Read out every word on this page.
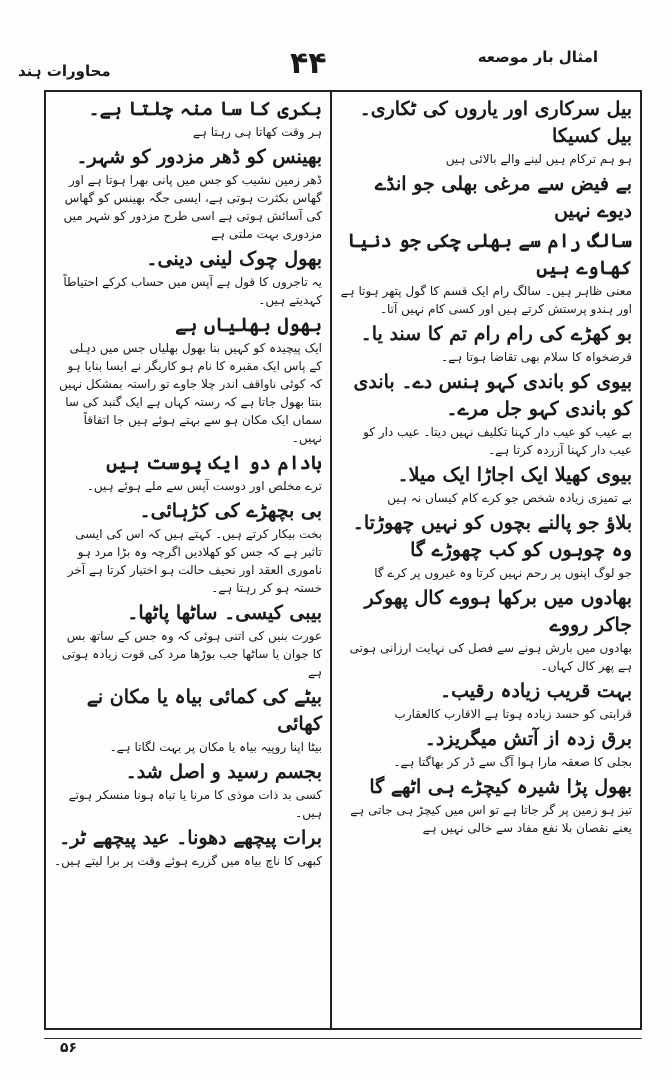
امثال بار موصعه
۴۴
محاورات ہند
بیل سرکاری اور یاروں کی ٹکاری۔ بیل کسیکا
ہو ہم ترکام ہیں لینے والے بالائی ہیں
بے فیض سے مرغی بھلی جو انڈے دیوے نہیں
سالگ رام سے بھلی چکی جو دنیا کھاوے ہیں
معنی ظاہر ہیں۔ سالگ رام ایک قسم کا گول پتھر ہوتا ہے اور ہندو پرستش کرتے ہیں اور کسی کام نہیں آتا۔
بو کھڑے کی رام رام تم کا سند یا۔
قرضخواہ کا سلام بھی تقاضا ہوتا ہے۔
بیوی کو باندی کہو ہنس دے۔ باندی کو باندی کہو جل مرے۔
بے عیب کو عیب دار کہنا تکلیف نہیں دیتا۔ عیب دار کو عیب دار کہنا آزردہ کرتا ہے۔
بیوی کھیلا ایک اجاڑا ایک میلا۔
بے تمیزی زیادہ شخص جو کرے کام کیساں نہ ہیں
بلاؤ جو پالنے بچوں کو نہیں چھوڑتا۔ وہ چوہوں کو کب چھوڑے گا
جو لوگ اپنوں پر رحم نہیں کرتا وہ غیروں پر کرے گا
بھادوں میں برکھا ہووے کال پھوکر جاکر رووے
بھادوں میں بارش ہونے سے فصل کی نہایت ارزانی ہوتی ہے پھر کال کہاں۔
بہت قریب زیادہ رقیب۔
قرابتی کو حسد زیادہ ہوتا ہے الاقارب کالعقارب
برق زدہ از آتش میگریزد۔
بجلی کا صعقہ مارا ہوا آگ سے ڈر کر بھاگتا ہے۔
بھول پڑا شیرہ کیچڑے ہی اٹھے گا
تیز ہو زمین پر گر جاتا ہے تو اس میں کیچڑ ہی جاتی ہے یعنے نقصان بلا نفع مفاد سے خالی نہیں ہے
بکری کا سا منہ چلتا ہے۔
ہر وقت کھاتا ہی رہتا ہے
بھینس کو ڈھر مزدور کو شہر۔
ڈھر زمین نشیب کو جس میں پانی بھرا ہوتا ہے اور گھاس بکثرت ہوتی ہے، ایسی جگہ بھینس کو گھاس کی آسائش ہوتی ہے اسی طرح مزدور کو شہر میں مزدوری بہت ملتی ہے
بھول چوک لینی دینی۔
یہ تاجروں کا قول ہے آپس میں حساب کرکے احتیاطاً کہدیتے ہیں۔
بھول بھلیاں ہے
ایک پیچیدہ کو کہیں بنا بھول بھلیاں جس میں دہلی کے پاس ایک مقبرہ کا نام ہو کاریگر نے ایسا بنایا ہو کہ کوئی ناواقف اندر چلا جاوے تو راستہ بمشکل نہیں بنتا بھول جاتا ہے کہ رستہ کہاں ہے ایک گنبد کی سا سماں ایک مکان ہو سے بہتے ہوئے ہیں جا اتفاقاً نہیں۔
بادام دو ایک پوست ہیں
ترے مخلص اور دوست آپس سے ملے ہوئے ہیں۔
بی بچھڑے کی کڑہائی۔
بخت بیکار کرتے ہیں۔ کہتے ہیں کہ اس کی ایسی تاثیر ہے کہ جس کو کھلادیں اگرچہ وہ بڑا مرد ہو ناموری العقد اور نحیف حالت ہو اختیار کرتا ہے آخر خستہ ہو کر رہتا ہے۔
بیبی کیسی۔ ساٹھا پاٹھا۔
عورت بنیں کی اتنی ہوئی کہ وہ جس کے ساتھ بس کا جوان یا ساٹھا جب بوڑھا مرد کی قوت زیادہ ہوتی ہے
بیٹے کی کمائی بیاہ یا مکان نے کھائی
بیٹا اپنا روپیہ بیاہ یا مکان پر بہت لگاتا ہے۔
بجسم رسید و اصل شد۔
کسی بد ذات موذی کا مرنا یا تباہ ہونا منسکر ہوتے ہیں۔
برات پیچھے دھونا۔ عید پیچھے ٹر۔
کبھی کا ناچ بیاہ میں گزرے ہوئے وقت پر برا لیتے ہیں۔
۵۶
